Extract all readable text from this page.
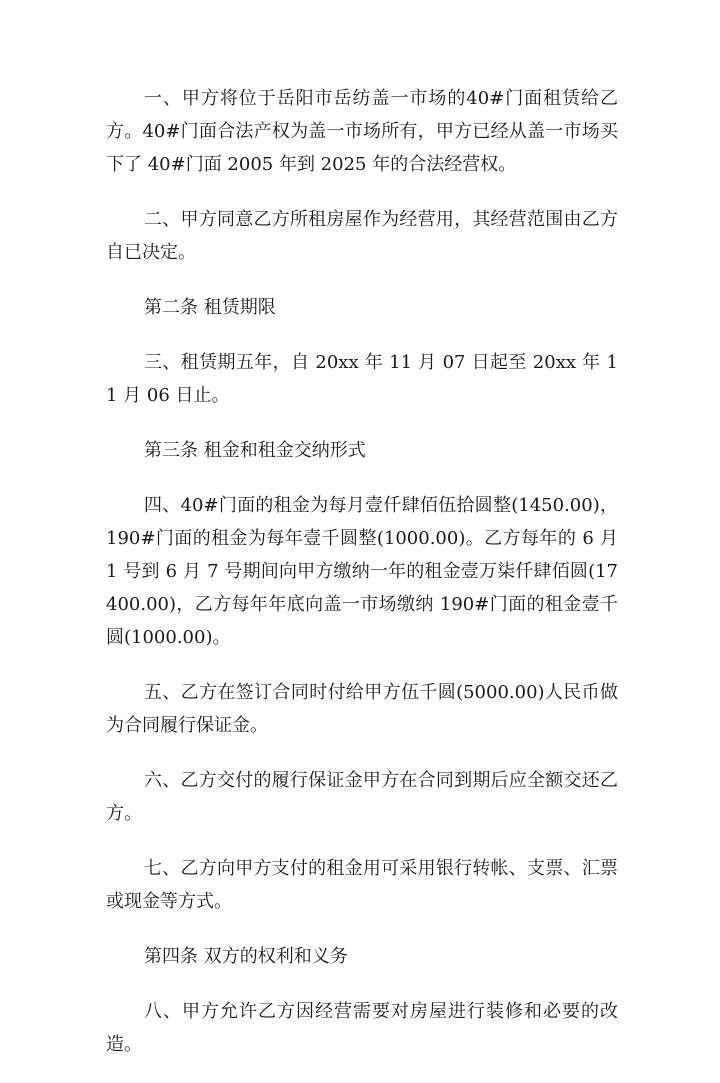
一、甲方将位于岳阳市岳纺盖一市场的40#门面租赁给乙方。40#门面合法产权为盖一市场所有，甲方已经从盖一市场买下了 40#门面 2005 年到 2025 年的合法经营权。

二、甲方同意乙方所租房屋作为经营用，其经营范围由乙方自已决定。

第二条 租赁期限

三、租赁期五年，自 20xx 年 11 月 07 日起至 20xx 年 11 月 06 日止。

第三条 租金和租金交纳形式

四、40#门面的租金为每月壹仟肆佰伍拾圆整(1450.00)，190#门面的租金为每年壹千圆整(1000.00)。乙方每年的 6 月 1 号到 6 月 7 号期间向甲方缴纳一年的租金壹万柒仟肆佰圆(17400.00)，乙方每年年底向盖一市场缴纳 190#门面的租金壹千圆(1000.00)。

五、乙方在签订合同时付给甲方伍千圆(5000.00)人民币做为合同履行保证金。

六、乙方交付的履行保证金甲方在合同到期后应全额交还乙方。

七、乙方向甲方支付的租金用可采用银行转帐、支票、汇票或现金等方式。

第四条 双方的权利和义务

八、甲方允许乙方因经营需要对房屋进行装修和必要的改造。
